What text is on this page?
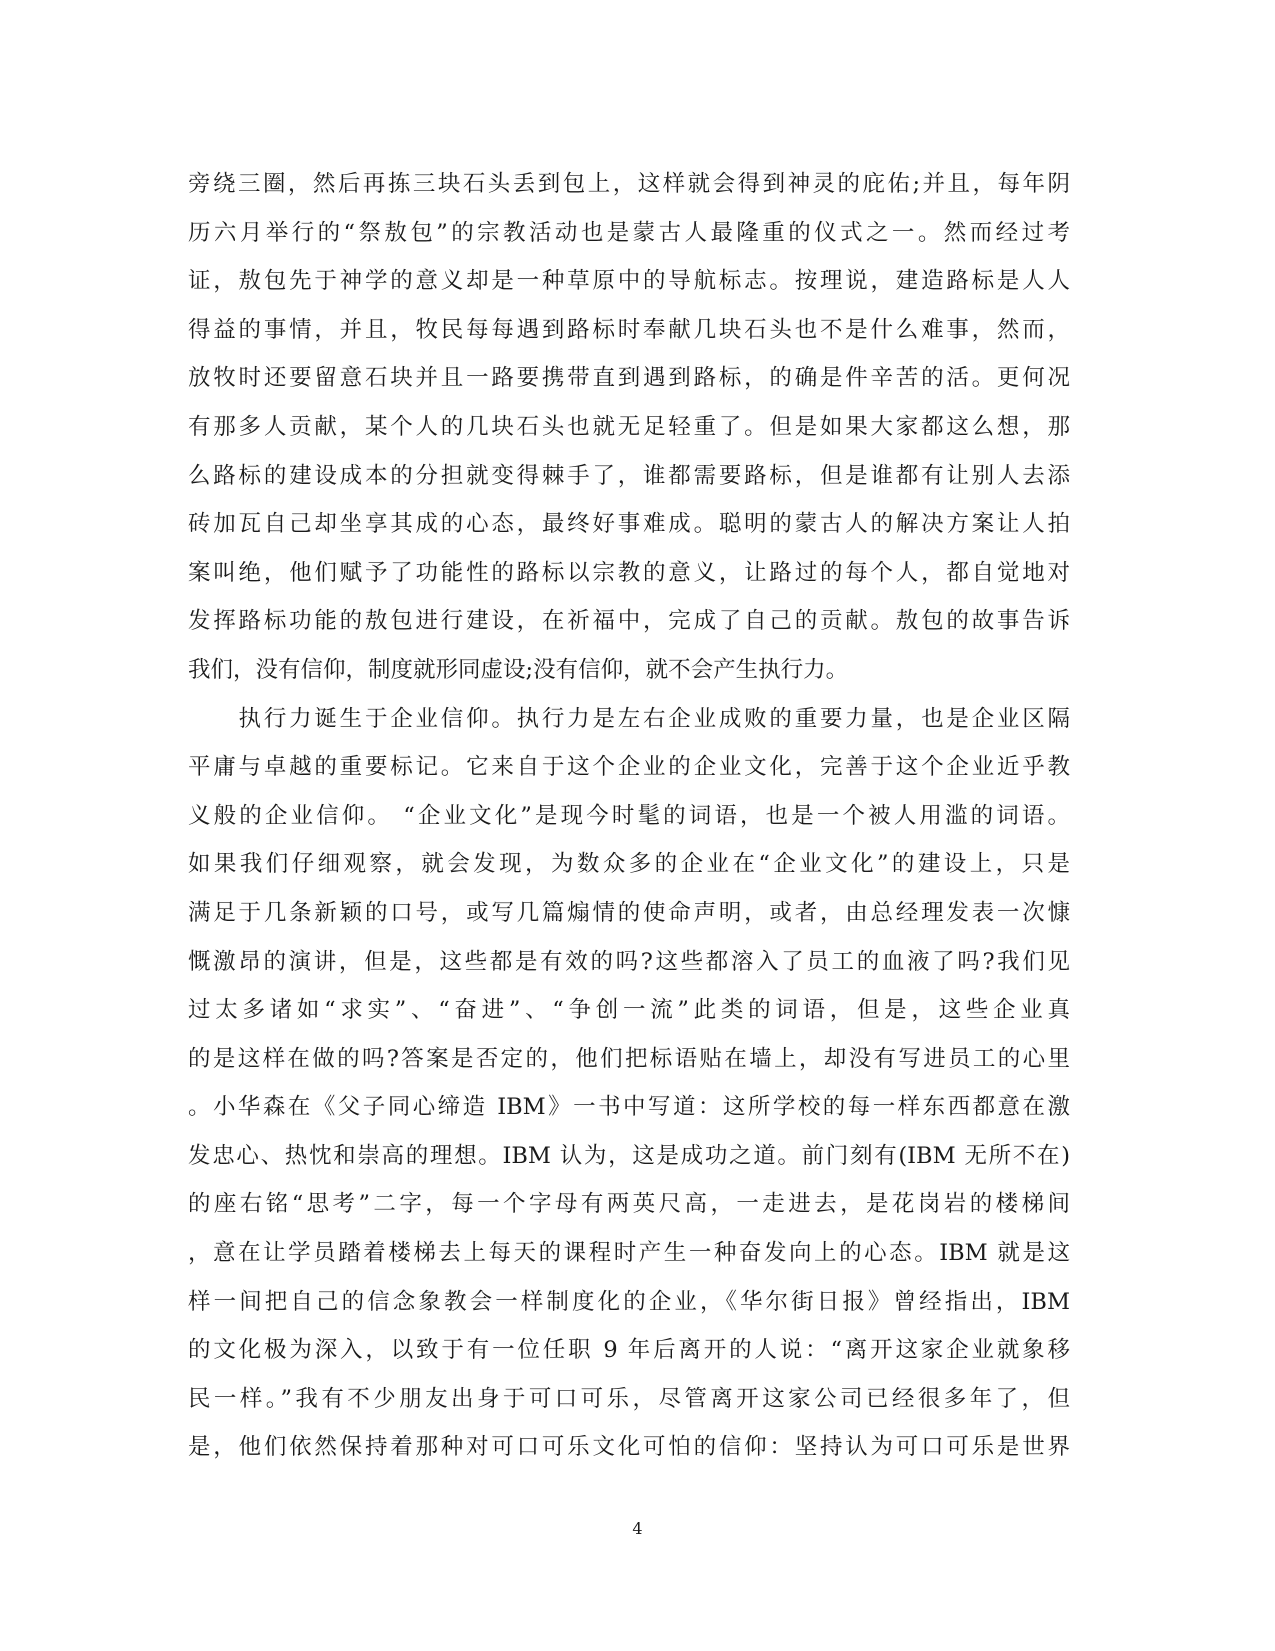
旁绕三圈，然后再拣三块石头丢到包上，这样就会得到神灵的庇佑;并且，每年阴
历六月举行的“祭敖包”的宗教活动也是蒙古人最隆重的仪式之一。然而经过考
证，敖包先于神学的意义却是一种草原中的导航标志。按理说，建造路标是人人
得益的事情，并且，牧民每每遇到路标时奉献几块石头也不是什么难事，然而，
放牧时还要留意石块并且一路要携带直到遇到路标，的确是件辛苦的活。更何况
有那多人贡献，某个人的几块石头也就无足轻重了。但是如果大家都这么想，那
么路标的建设成本的分担就变得棘手了，谁都需要路标，但是谁都有让别人去添
砖加瓦自己却坐享其成的心态，最终好事难成。聪明的蒙古人的解决方案让人拍
案叫绝，他们赋予了功能性的路标以宗教的意义，让路过的每个人，都自觉地对
发挥路标功能的敖包进行建设，在祈福中，完成了自己的贡献。敖包的故事告诉
我们，没有信仰，制度就形同虚设;没有信仰，就不会产生执行力。
　　执行力诞生于企业信仰。执行力是左右企业成败的重要力量，也是企业区隔
平庸与卓越的重要标记。它来自于这个企业的企业文化，完善于这个企业近乎教
义般的企业信仰。 “企业文化”是现今时髦的词语，也是一个被人用滥的词语。
如果我们仔细观察，就会发现，为数众多的企业在“企业文化”的建设上，只是
满足于几条新颖的口号，或写几篇煽情的使命声明，或者，由总经理发表一次慷
慨激昂的演讲，但是，这些都是有效的吗?这些都溶入了员工的血液了吗?我们见
过太多诸如“求实”、“奋进”、“争创一流”此类的词语，但是，这些企业真
的是这样在做的吗?答案是否定的，他们把标语贴在墙上，却没有写进员工的心里
。小华森在《父子同心缔造 IBM》一书中写道：这所学校的每一样东西都意在激
发忠心、热忱和崇高的理想。IBM 认为，这是成功之道。前门刻有(IBM 无所不在)
的座右铭“思考”二字，每一个字母有两英尺高，一走进去，是花岗岩的楼梯间
，意在让学员踏着楼梯去上每天的课程时产生一种奋发向上的心态。IBM 就是这
样一间把自己的信念象教会一样制度化的企业，《华尔街日报》曾经指出，IBM
的文化极为深入，以致于有一位任职 9 年后离开的人说：“离开这家企业就象移
民一样。”我有不少朋友出身于可口可乐，尽管离开这家公司已经很多年了，但
是，他们依然保持着那种对可口可乐文化可怕的信仰：坚持认为可口可乐是世界
4
